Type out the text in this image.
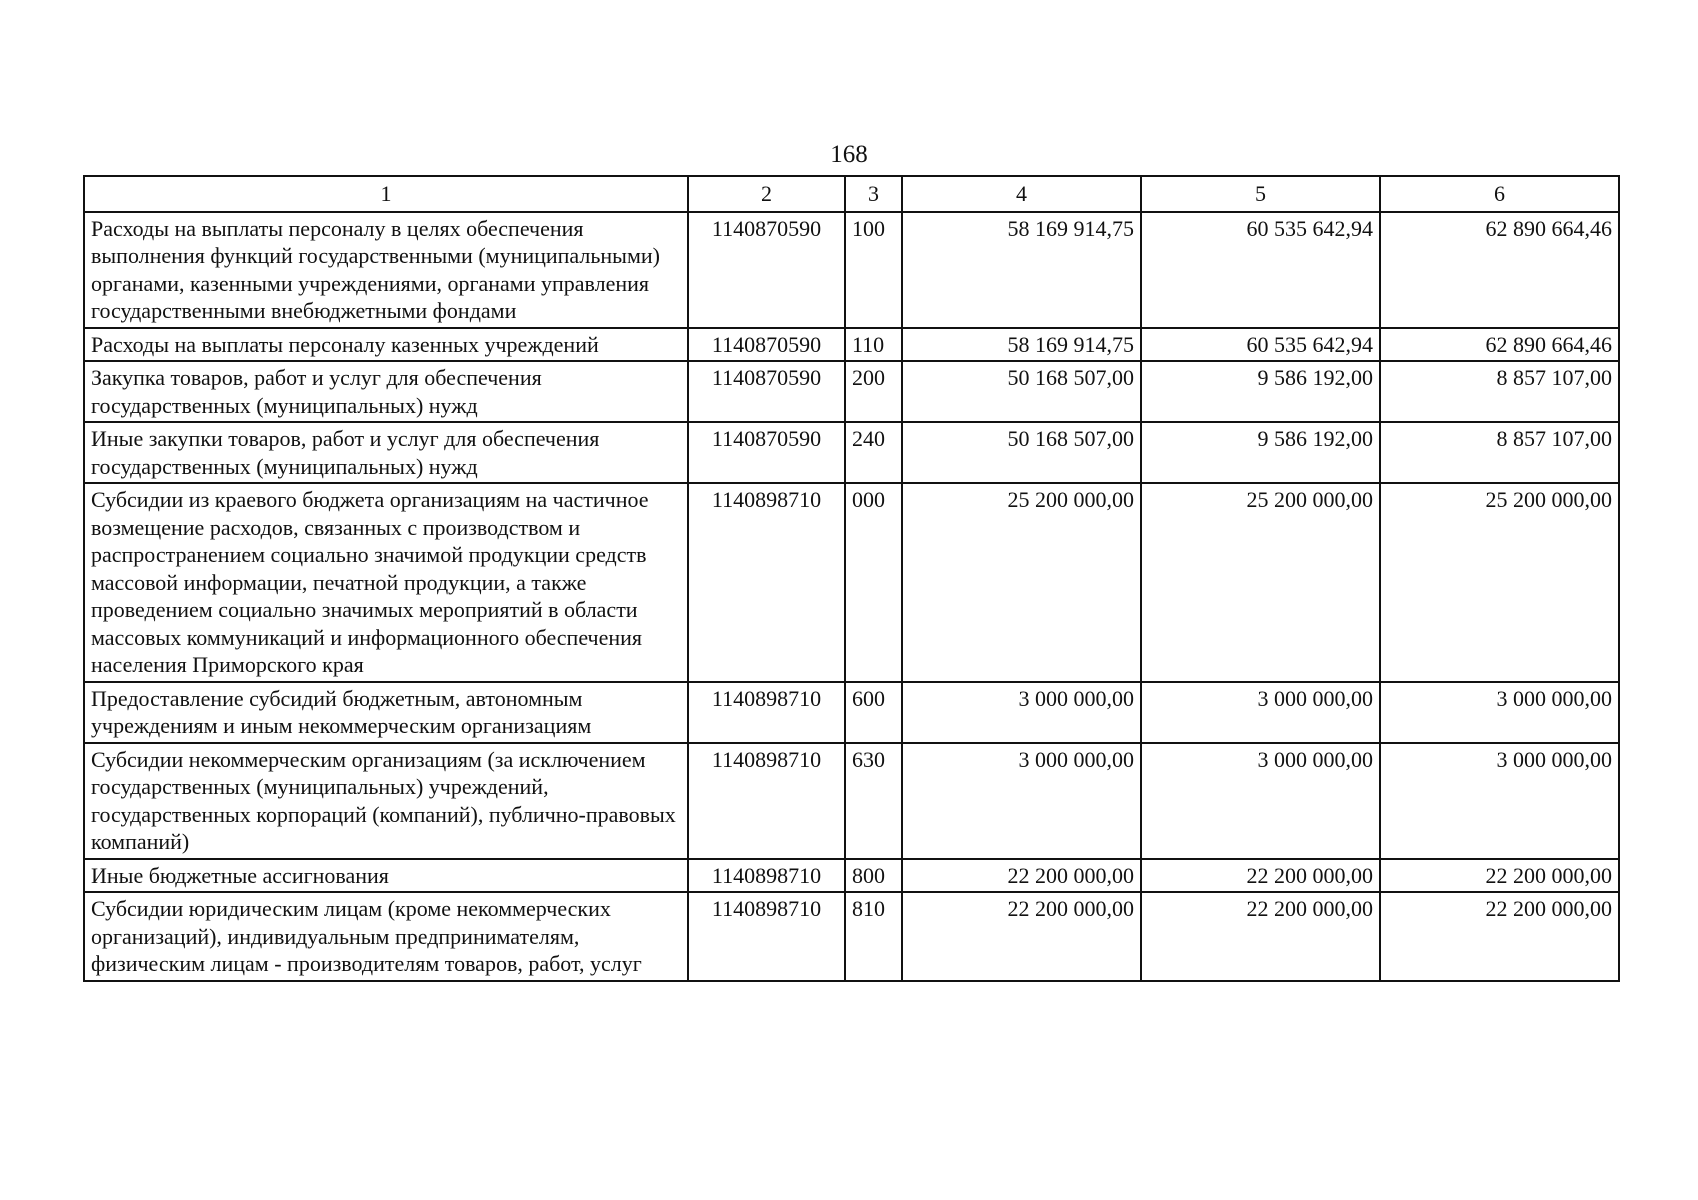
168
1	2	3	4	5	6
Расходы на выплаты персоналу в целях обеспечения выполнения функций государственными (муниципальными) органами, казенными учреждениями, органами управления государственными внебюджетными фондами	1140870590	100	58 169 914,75	60 535 642,94	62 890 664,46
Расходы на выплаты персоналу казенных учреждений	1140870590	110	58 169 914,75	60 535 642,94	62 890 664,46
Закупка товаров, работ и услуг для обеспечения государственных (муниципальных) нужд	1140870590	200	50 168 507,00	9 586 192,00	8 857 107,00
Иные закупки товаров, работ и услуг для обеспечения государственных (муниципальных) нужд	1140870590	240	50 168 507,00	9 586 192,00	8 857 107,00
Субсидии из краевого бюджета организациям на частичное возмещение расходов, связанных с производством и распространением социально значимой продукции средств массовой информации, печатной продукции, а также проведением социально значимых мероприятий в области массовых коммуникаций и информационного обеспечения населения Приморского края	1140898710	000	25 200 000,00	25 200 000,00	25 200 000,00
Предоставление субсидий бюджетным, автономным учреждениям и иным некоммерческим организациям	1140898710	600	3 000 000,00	3 000 000,00	3 000 000,00
Субсидии некоммерческим организациям (за исключением государственных (муниципальных) учреждений, государственных корпораций (компаний), публично-правовых компаний)	1140898710	630	3 000 000,00	3 000 000,00	3 000 000,00
Иные бюджетные ассигнования	1140898710	800	22 200 000,00	22 200 000,00	22 200 000,00
Субсидии юридическим лицам (кроме некоммерческих организаций), индивидуальным предпринимателям, физическим лицам - производителям товаров, работ, услуг	1140898710	810	22 200 000,00	22 200 000,00	22 200 000,00
